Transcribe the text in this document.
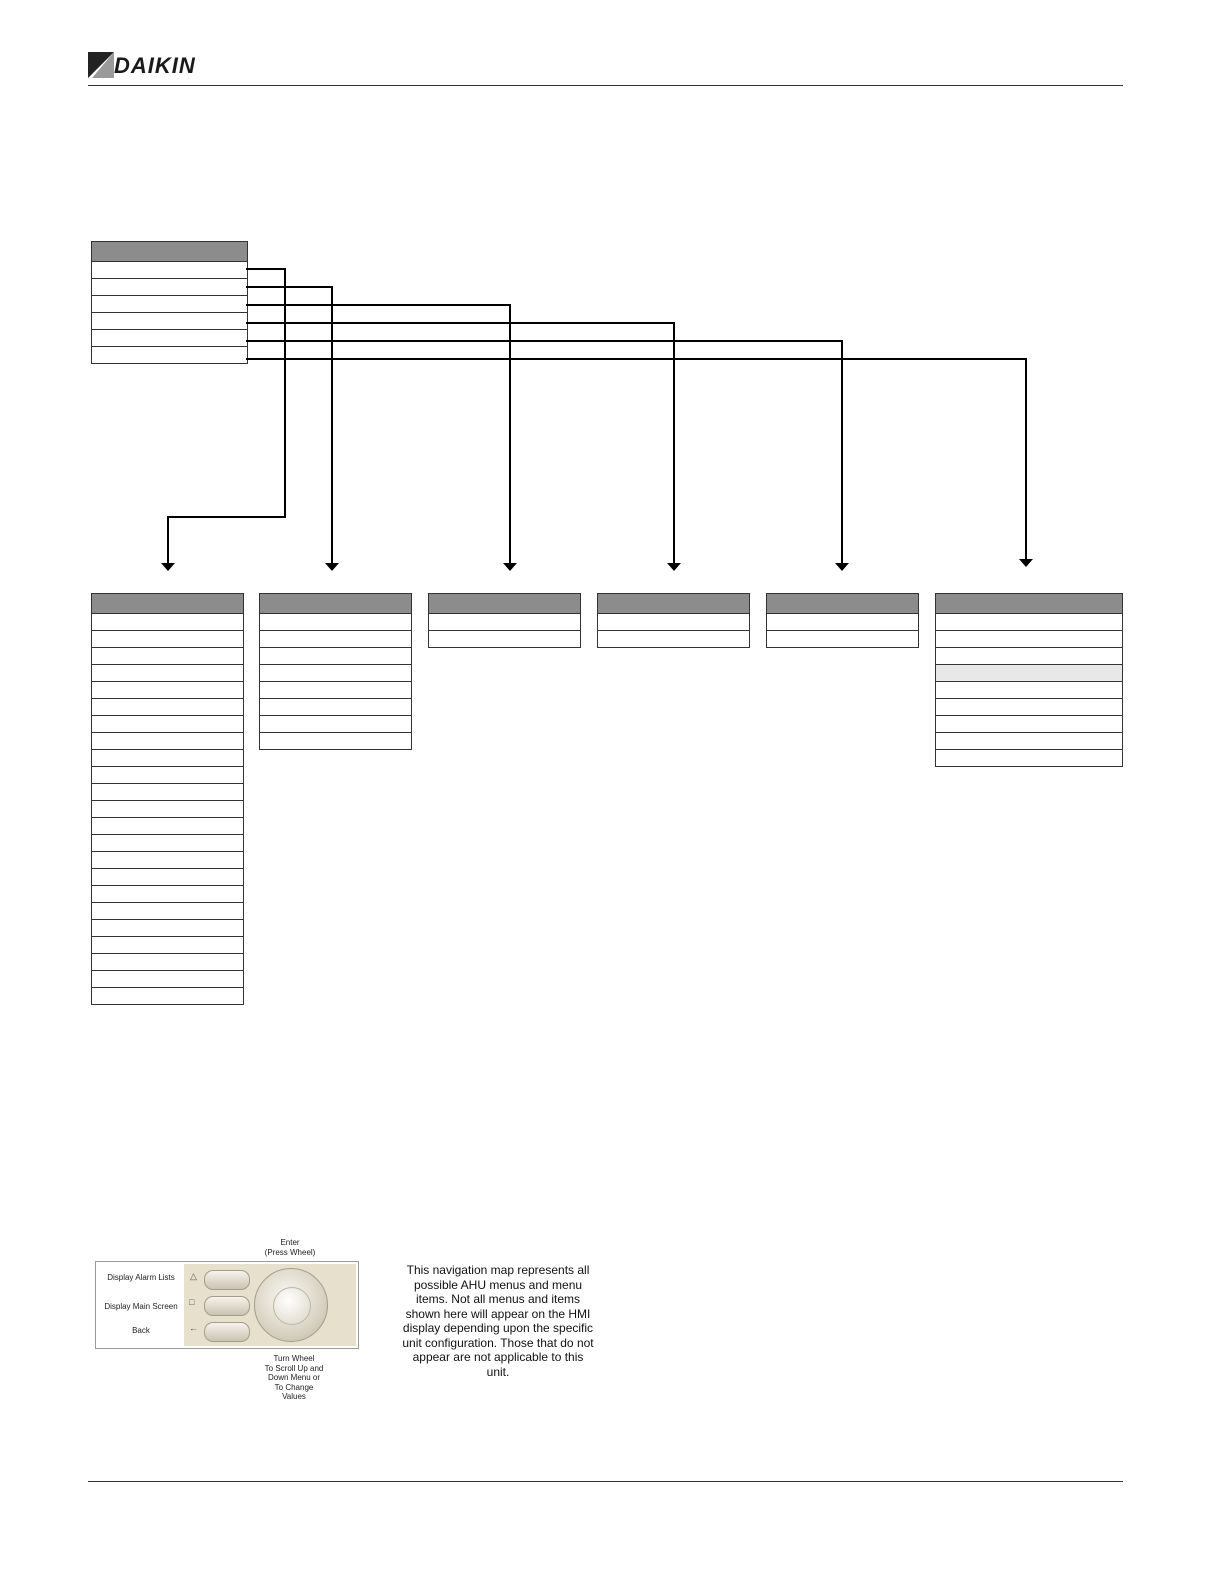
DAIKIN
Enter
(Press Wheel)
Display Alarm Lists
Display Main Screen
Back
△
□
←
Turn Wheel
To Scroll Up and
Down Menu or
To Change
Values
This navigation map represents all possible AHU menus and menu items. Not all menus and items shown here will appear on the HMI display depending upon the specific unit configuration. Those that do not appear are not applicable to this unit.
